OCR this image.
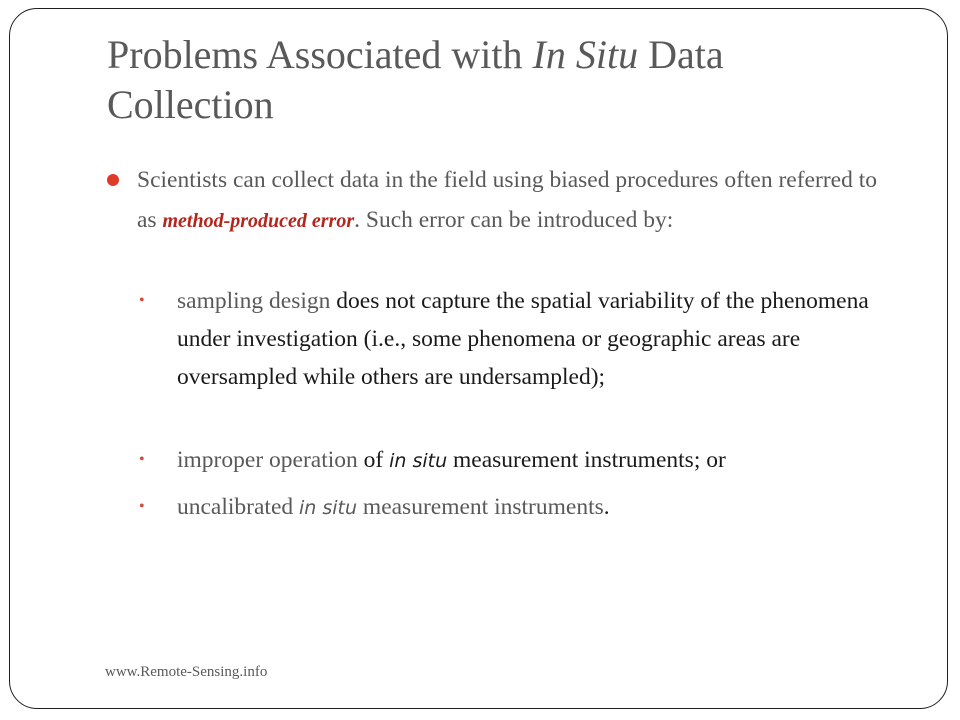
Problems Associated with In Situ Data
Collection
Scientists can collect data in the field using biased procedures often referred to as method-produced error. Such error can be introduced by:
• sampling design does not capture the spatial variability of the phenomena under investigation (i.e., some phenomena or geographic areas are oversampled while others are undersampled);
• improper operation of in situ measurement instruments; or
• uncalibrated in situ measurement instruments.
www.Remote-Sensing.info
